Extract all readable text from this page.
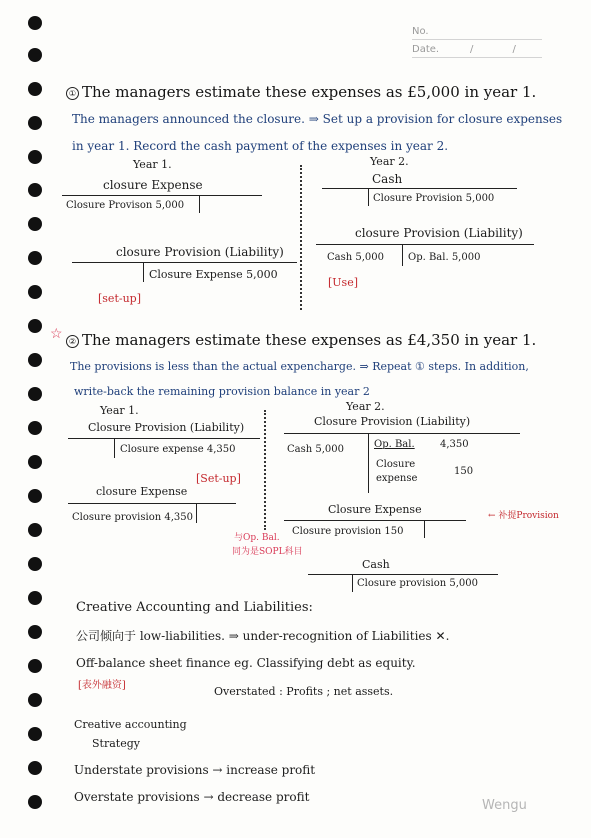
No.
Date.	/ /
① The managers estimate these expenses as £5,000 in year 1.
The managers announced the closure. ⇒ Set up a provision for closure expenses
in year 1. Record the cash payment of the expenses in year 2.
Year 1.
closure Expense
Closure Provison 5,000
closure Provision (Liability)
Closure Expense 5,000
[set-up]
Year 2.
Cash
Closure Provision 5,000
closure Provision (Liability)
Cash 5,000 Op. Bal. 5,000
[Use]
☆ ② The managers estimate these expenses as £4,350 in year 1.
The provisions is less than the actual expencharge. ⇒ Repeat ① steps. In addition,
write-back the remaining provision balance in year 2
Year 1.
Closure Provision (Liability)
Closure expense 4,350
[Set-up]
closure Expense
Closure provision 4,350
Year 2.
Closure Provision (Liability)
Cash 5,000	Op. Bal.	4,350
Closure
expense
150
Closure Expense
Closure provision 150
← 补提Provision
与Op. Bal.
同为是SOPL科目
Cash
Closure provision 5,000
Creative Accounting and Liabilities:
公司倾向于 low-liabilities. ⇒ under-recognition of Liabilities ✕.
Off-balance sheet finance eg. Classifying debt as equity.
[表外融资]	Overstated : Profits ; net assets.
Creative accounting
Strategy
Understate provisions → increase profit
Overstate provisions → decrease profit
Wengu
